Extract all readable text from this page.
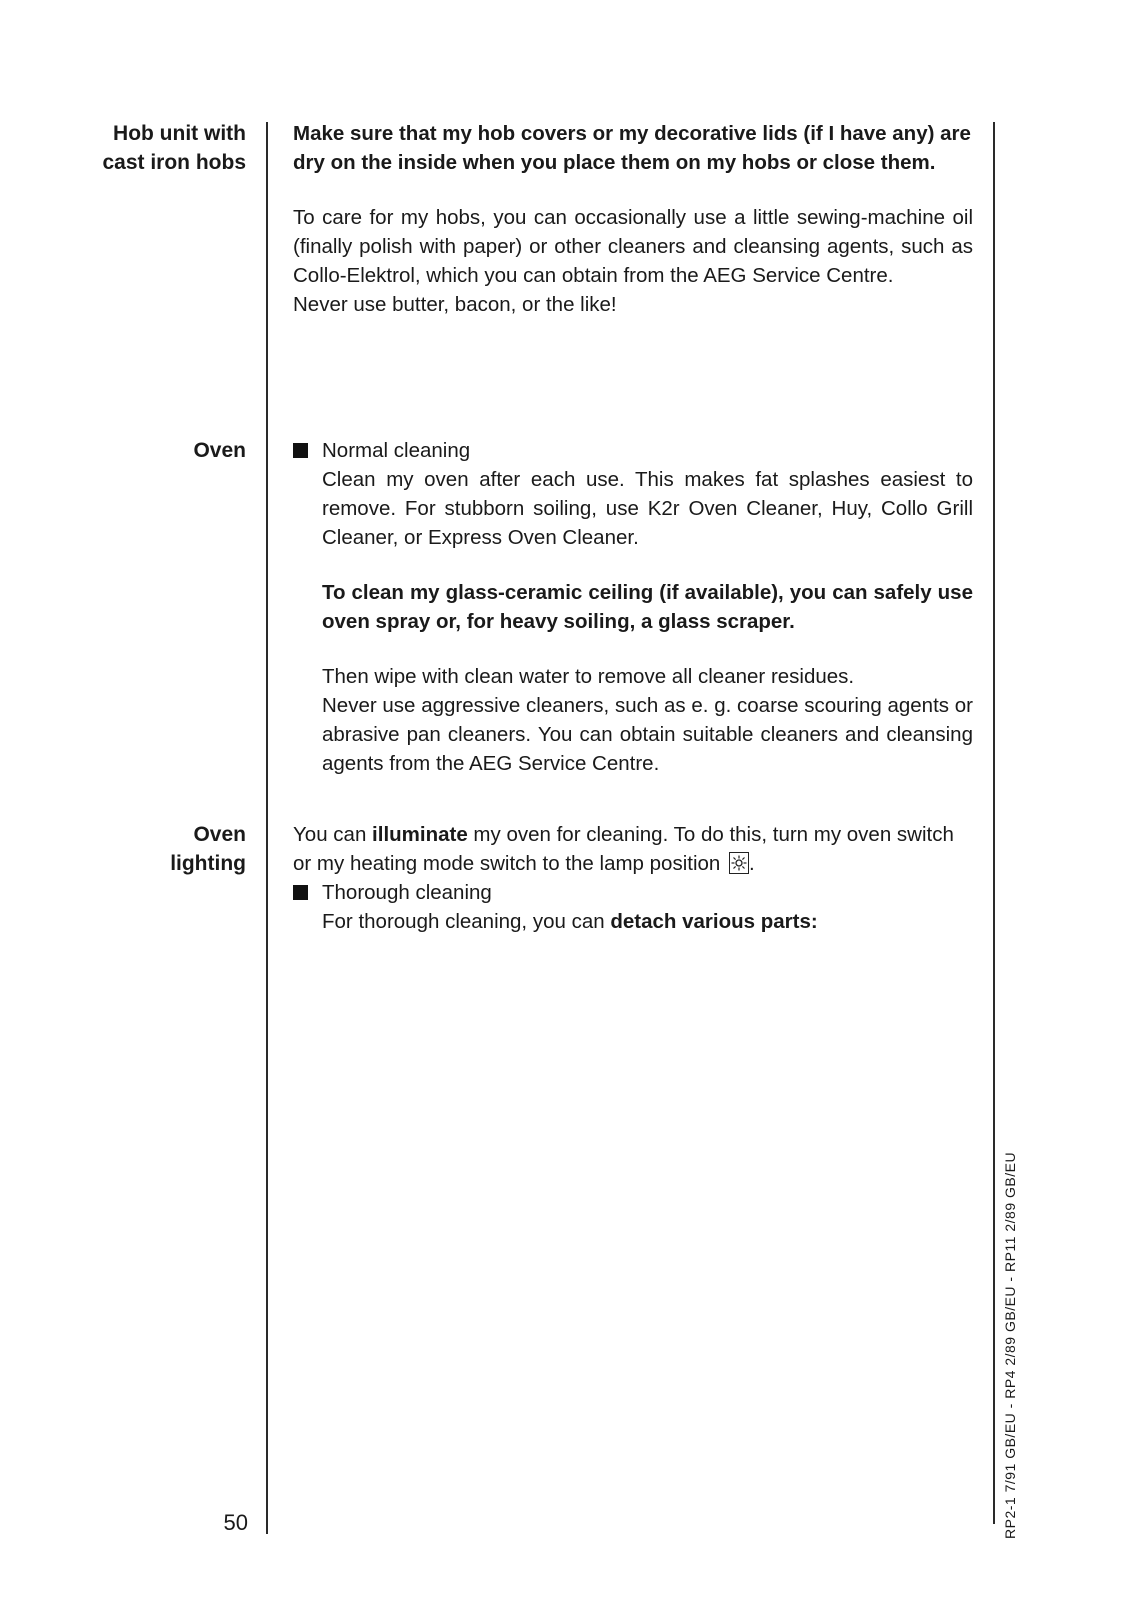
Hob unit with
cast iron hobs

Make sure that my hob covers or my decorative lids (if I have any) are dry on the inside when you place them on my hobs or close them.

To care for my hobs, you can occasionally use a little sewing-machine oil (finally polish with paper) or other cleaners and cleansing agents, such as Collo-Elektrol, which you can obtain from the AEG Service Centre.

Never use butter, bacon, or the like!

Oven	Normal cleaning

Clean my oven after each use. This makes fat splashes easiest to remove. For stubborn soiling, use K2r Oven Cleaner, Huy, Collo Grill Cleaner, or Express Oven Cleaner.

To clean my glass-ceramic ceiling (if available), you can safely use oven spray or, for heavy soiling, a glass scraper.

Then wipe with clean water to remove all cleaner residues.

Never use aggressive cleaners, such as e. g. coarse scouring agents or abrasive pan cleaners. You can obtain suitable cleaners and cleansing agents from the AEG Service Centre.

Oven
lighting

You can illuminate my oven for cleaning. To do this, turn my oven switch or my heating mode switch to the lamp position
.

Thorough cleaning

For thorough cleaning, you can detach various parts:

50	RP2-1 7/91 GB/EU - RP4 2/89 GB/EU - RP11 2/89 GB/EU
